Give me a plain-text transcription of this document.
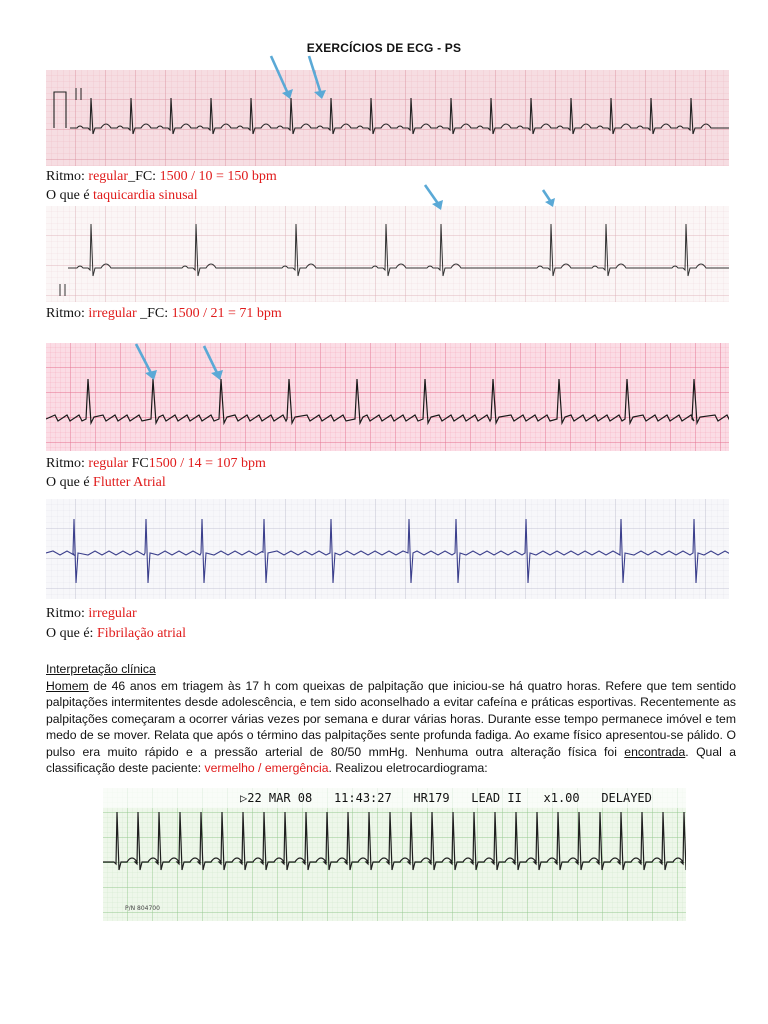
EXERCÍCIOS DE ECG - PS
Ritmo: regular_FC: 1500 / 10 = 150 bpm
O que é taquicardia sinusal
Ritmo: irregular _FC: 1500 / 21 = 71 bpm
Ritmo: regular FC1500 / 14 = 107 bpm
O que é Flutter Atrial
Ritmo: irregular
O que é: Fibrilação atrial

Interpretação clínica

Homem de 46 anos em triagem às 17 h com queixas de palpitação que iniciou-se há quatro horas. Refere que tem sentido palpitações intermitentes desde adolescência, e tem sido aconselhado a evitar cafeína e práticas esportivas. Recentemente as palpitações começaram a ocorrer várias vezes por semana e durar várias horas. Durante esse tempo permanece imóvel e tem medo de se mover. Relata que após o término das palpitações sente profunda fadiga. Ao exame físico apresentou-se pálido. O pulso era muito rápido e a pressão arterial de 80/50 mmHg. Nenhuma outra alteração física foi encontrada. Qual a classificação deste paciente: vermelho / emergência. Realizou eletrocardiograma:

▷22 MAR 08 11:43:27 HR179 LEAD II x1.00 DELAYED
P/N 804700
